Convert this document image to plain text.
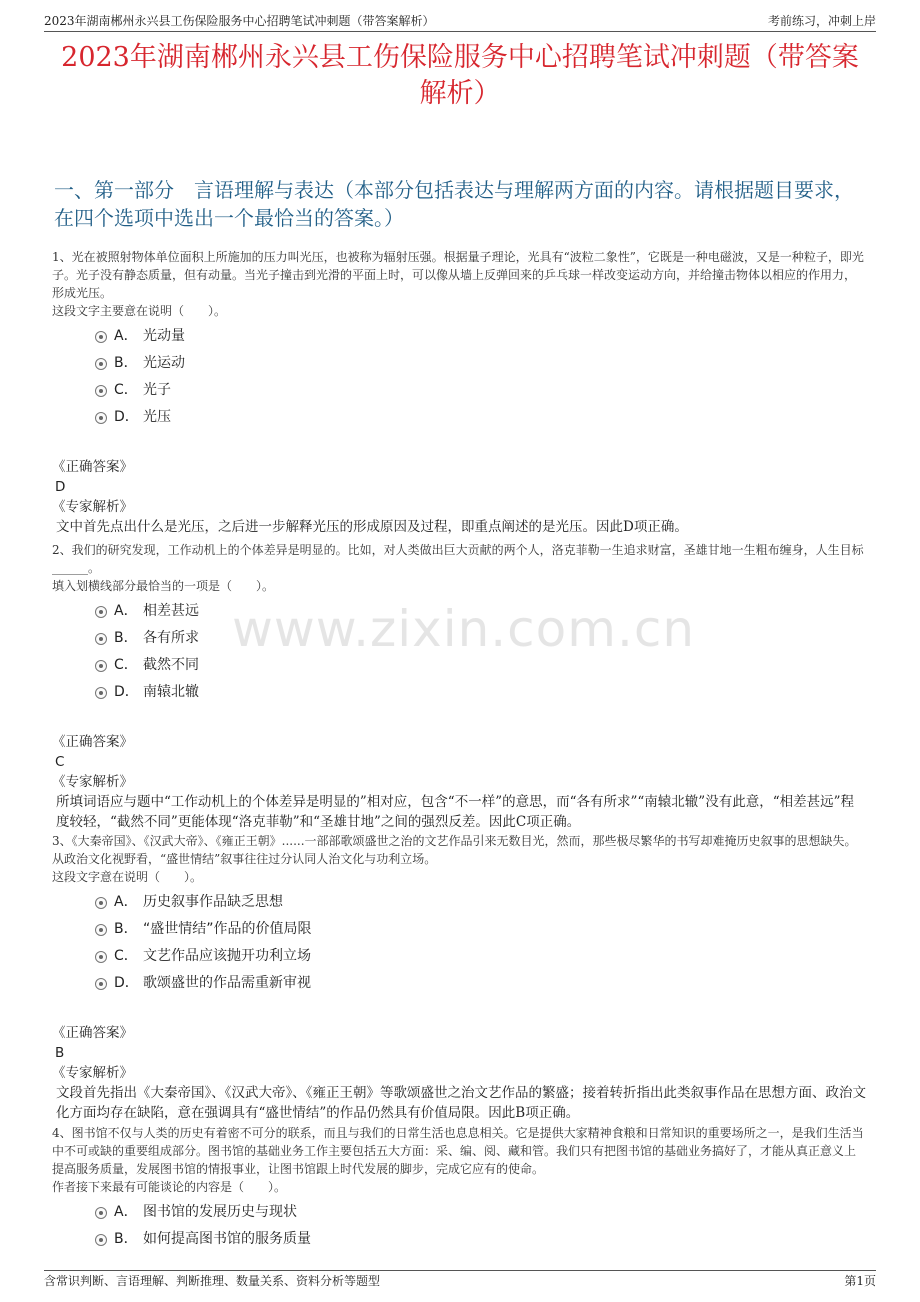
2023年湖南郴州永兴县工伤保险服务中心招聘笔试冲刺题（带答案解析）	考前练习，冲刺上岸
2023年湖南郴州永兴县工伤保险服务中心招聘笔试冲刺题（带答案解析）
一、第一部分　言语理解与表达（本部分包括表达与理解两方面的内容。请根据题目要求，在四个选项中选出一个最恰当的答案。）
www.zixin.com.cn
1、光在被照射物体单位面积上所施加的压力叫光压，也被称为辐射压强。根据量子理论，光具有“波粒二象性”，它既是一种电磁波，又是一种粒子，即光子。光子没有静态质量，但有动量。当光子撞击到光滑的平面上时，可以像从墙上反弹回来的乒乓球一样改变运动方向，并给撞击物体以相应的作用力，形成光压。
这段文字主要意在说明（　　）。
A． 光动量
B． 光运动
C． 光子
D． 光压
《正确答案》
D
《专家解析》
文中首先点出什么是光压，之后进一步解释光压的形成原因及过程，即重点阐述的是光压。因此D项正确。
2、我们的研究发现，工作动机上的个体差异是明显的。比如，对人类做出巨大贡献的两个人，洛克菲勒一生追求财富，圣雄甘地一生粗布缠身，人生目标______。
填入划横线部分最恰当的一项是（　　）。
A． 相差甚远
B． 各有所求
C． 截然不同
D． 南辕北辙
《正确答案》
C
《专家解析》
所填词语应与题中“工作动机上的个体差异是明显的”相对应，包含“不一样”的意思，而“各有所求”“南辕北辙”没有此意，“相差甚远”程度较轻，“截然不同”更能体现“洛克菲勒”和“圣雄甘地”之间的强烈反差。因此C项正确。
3、《大秦帝国》、《汉武大帝》、《雍正王朝》......一部部歌颂盛世之治的文艺作品引来无数目光，然而，那些极尽繁华的书写却难掩历史叙事的思想缺失。从政治文化视野看，“盛世情结”叙事往往过分认同人治文化与功利立场。
这段文字意在说明（　　）。
A． 历史叙事作品缺乏思想
B． “盛世情结”作品的价值局限
C． 文艺作品应该抛开功利立场
D． 歌颂盛世的作品需重新审视
《正确答案》
B
《专家解析》
文段首先指出《大秦帝国》、《汉武大帝》、《雍正王朝》等歌颂盛世之治文艺作品的繁盛；接着转折指出此类叙事作品在思想方面、政治文化方面均存在缺陷，意在强调具有“盛世情结”的作品仍然具有价值局限。因此B项正确。
4、图书馆不仅与人类的历史有着密不可分的联系，而且与我们的日常生活也息息相关。它是提供大家精神食粮和日常知识的重要场所之一，是我们生活当中不可或缺的重要组成部分。图书馆的基础业务工作主要包括五大方面：采、编、阅、藏和管。我们只有把图书馆的基础业务搞好了，才能从真正意义上提高服务质量，发展图书馆的情报事业，让图书馆跟上时代发展的脚步，完成它应有的使命。
作者接下来最有可能谈论的内容是（　　）。
A． 图书馆的发展历史与现状
B． 如何提高图书馆的服务质量
含常识判断、言语理解、判断推理、数量关系、资料分析等题型	第1页
